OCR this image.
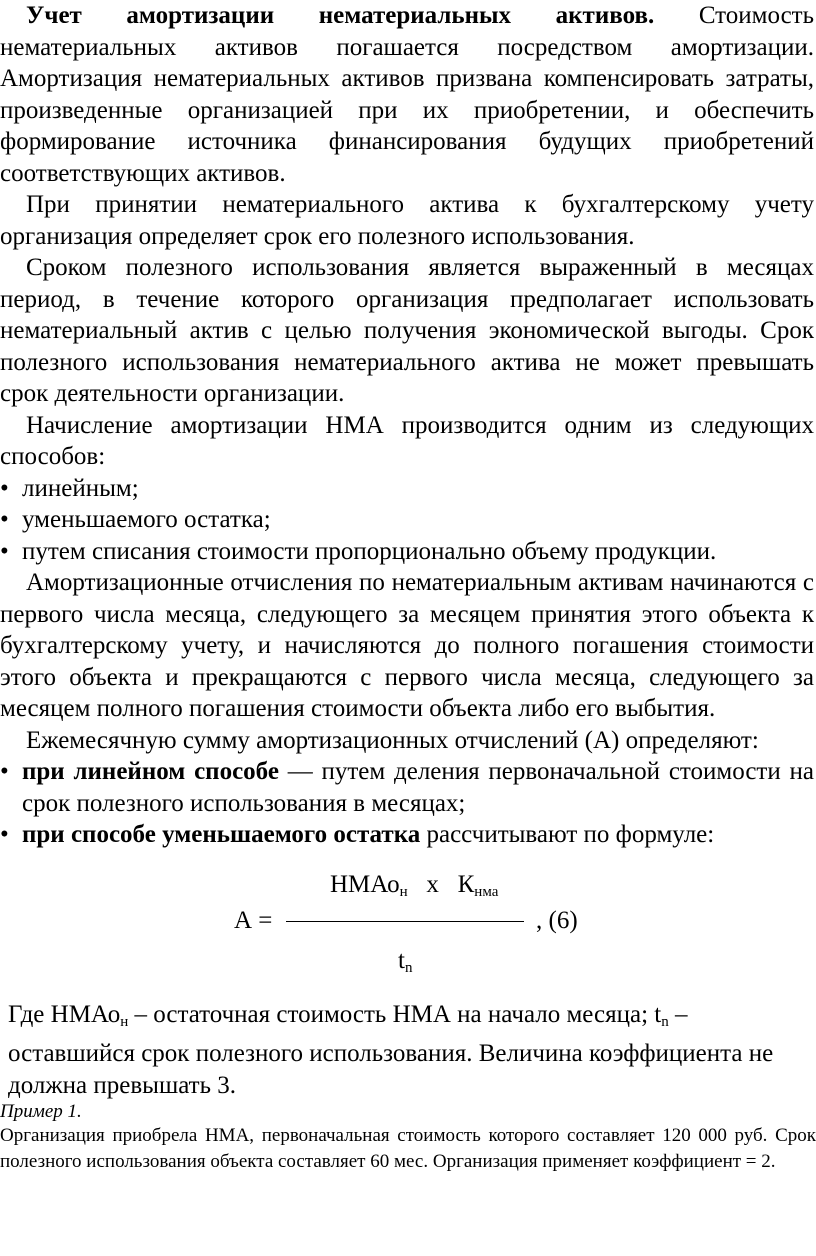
Учет амортизации нематериальных активов. Стоимость нематериальных активов погашается посредством амортизации. Амортизация нематериальных активов призвана компенсировать затраты, произведенные организацией при их приобретении, и обеспечить формирование источника финансирования будущих приобретений соответствующих активов.

При принятии нематериального актива к бухгалтерскому учету организация определяет срок его полезного использования.

Сроком полезного использования является выраженный в месяцах период, в течение которого организация предполагает использовать нематериальный актив с целью получения экономической выгоды. Срок полезного использования нематериального актива не может превышать срок деятельности организации.

Начисление амортизации НМА производится одним из следующих способов:

• линейным;
• уменьшаемого остатка;
• путем списания стоимости пропорционально объему продукции.

Амортизационные отчисления по нематериальным активам начинаются с первого числа месяца, следующего за месяцем принятия этого объекта к бухгалтерскому учету, и начисляются до полного погашения стоимости этого объекта и прекращаются с первого числа месяца, следующего за месяцем полного погашения стоимости объекта либо его выбытия.

Ежемесячную сумму амортизационных отчислений (А) определяют:

• при линейном способе — путем деления первоначальной стоимости на срок полезного использования в месяцах;
• при способе уменьшаемого остатка рассчитывают по формуле:
НМАо$_н$ х $К_{нма}$
А =	, (6)
$t_n$

Где НМАо$_н$ – остаточная стоимость НМА на начало месяца; $t_n$ – оставшийся срок полезного использования. Величина коэффициента не должна превышать 3.

Пример 1.

Организация приобрела НМА, первоначальная стоимость которого составляет 120 000 руб. Срок полезного использования объекта составляет 60 мес. Организация применяет коэффициент = 2.
